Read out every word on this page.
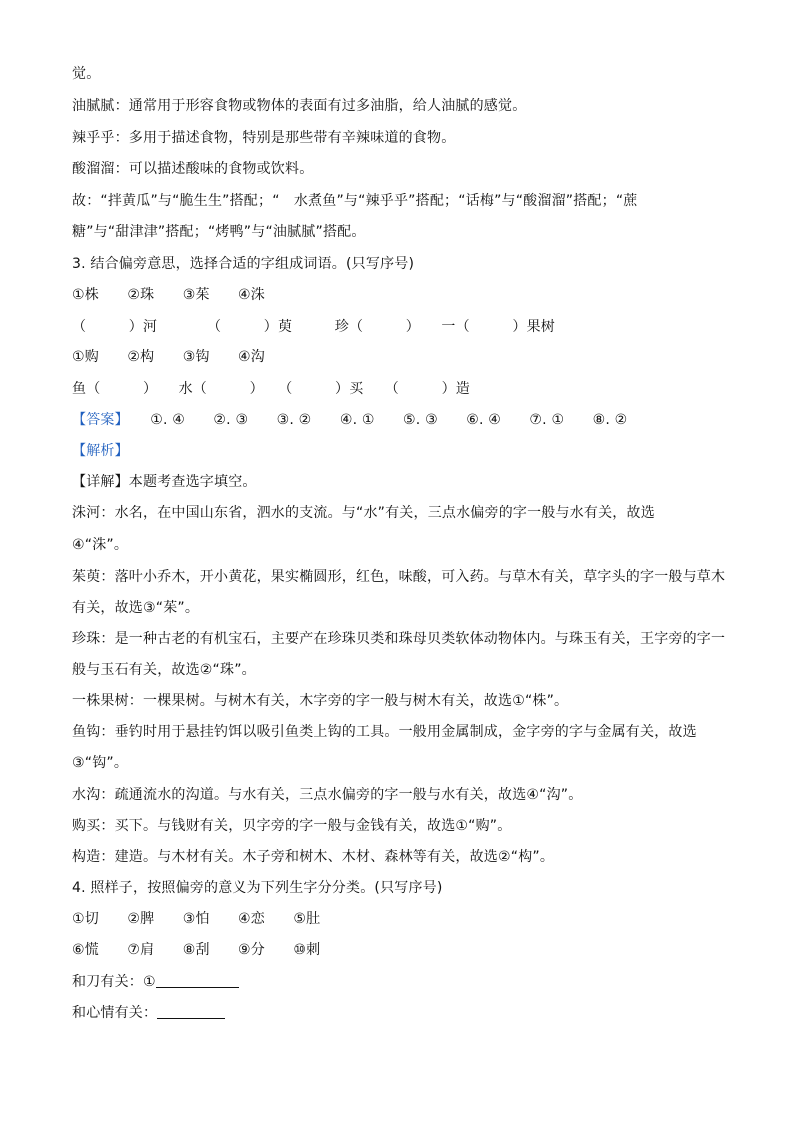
觉。
油腻腻：通常用于形容食物或物体的表面有过多油脂，给人油腻的感觉。
辣乎乎：多用于描述食物，特别是那些带有辛辣味道的食物。
酸溜溜：可以描述酸味的食物或饮料。
故：“拌黄瓜”与“脆生生”搭配；“　水煮鱼”与“辣乎乎”搭配；“话梅”与“酸溜溜”搭配；“蔗
糖”与“甜津津”搭配；“烤鸭”与“油腻腻”搭配。
3. 结合偏旁意思，选择合适的字组成词语。(只写序号)
①株　　②珠　　③茱　　④洙
（　　　）河　　　　（　　　）萸　　　珍（　　　）　　一（　　　）果树
①购　　②构　　③钩　　④沟
鱼（　　　）　　水（　　　）　　（　　　）买　　（　　　）造
【答案】　　①. ④　　②. ③　　③. ②　　④. ①　　⑤. ③　　⑥. ④　　⑦. ①　　⑧. ②
【解析】
【详解】本题考查选字填空。
洙河：水名，在中国山东省，泗水的支流。与“水”有关，三点水偏旁的字一般与水有关，故选
④“洙”。
茱萸：落叶小乔木，开小黄花，果实椭圆形，红色，味酸，可入药。与草木有关，草字头的字一般与草木
有关，故选③“茱”。
珍珠：是一种古老的有机宝石，主要产在珍珠贝类和珠母贝类软体动物体内。与珠玉有关，王字旁的字一
般与玉石有关，故选②“珠”。
一株果树：一棵果树。与树木有关，木字旁的字一般与树木有关，故选①“株”。
鱼钩：垂钓时用于悬挂钓饵以吸引鱼类上钩的工具。一般用金属制成，金字旁的字与金属有关，故选
③“钩”。
水沟：疏通流水的沟道。与水有关，三点水偏旁的字一般与水有关，故选④“沟”。
购买：买下。与钱财有关，贝字旁的字一般与金钱有关，故选①“购”。
构造：建造。与木材有关。木子旁和树木、木材、森林等有关，故选②“构”。
4. 照样子，按照偏旁的意义为下列生字分分类。(只写序号)
①切　　②脾　　③怕　　④恋　　⑤肚
⑥慌　　⑦肩　　⑧刮　　⑨分　　⑩刺
和刀有关：①
和心情有关：
